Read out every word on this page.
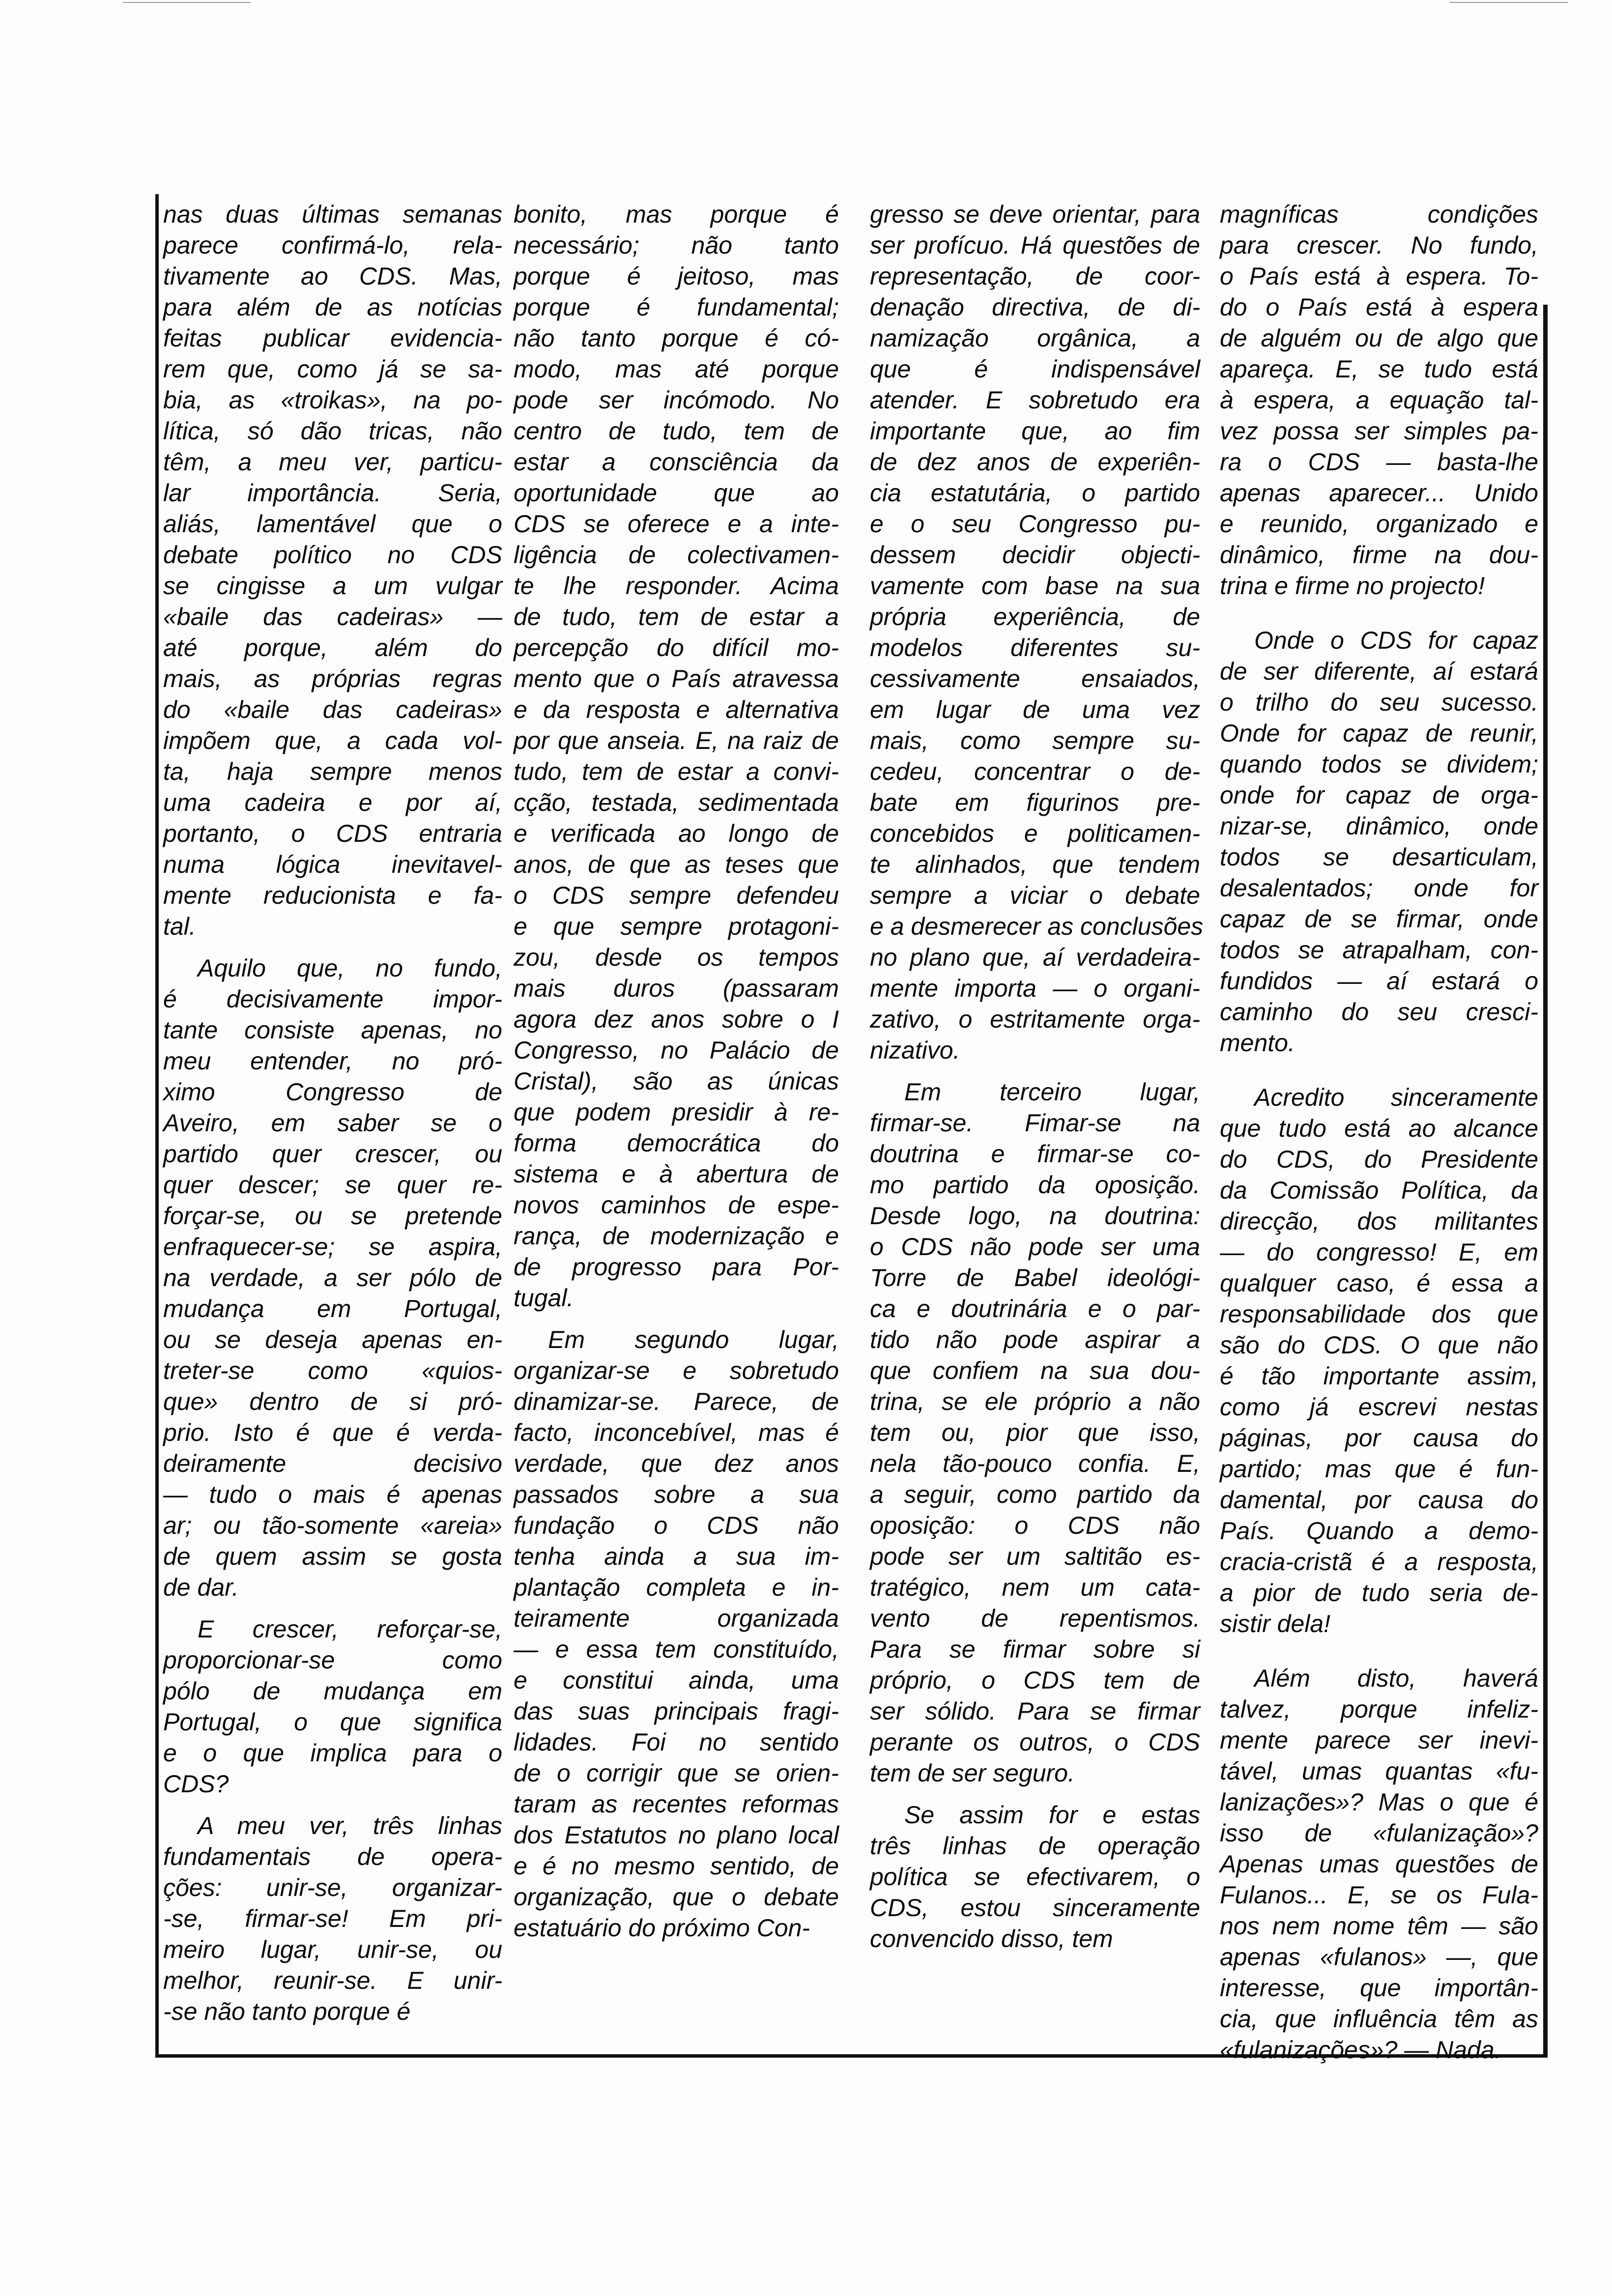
nas duas últimas semanas
parece confirmá-lo, rela-
tivamente ao CDS. Mas,
para além de as notícias
feitas publicar evidencia-
rem que, como já se sa-
bia, as «troikas», na po-
lítica, só dão tricas, não
têm, a meu ver, particu-
lar importância. Seria,
aliás, lamentável que o
debate político no CDS
se cingisse a um vulgar
«baile das cadeiras» —
até porque, além do
mais, as próprias regras
do «baile das cadeiras»
impõem que, a cada vol-
ta, haja sempre menos
uma cadeira e por aí,
portanto, o CDS entraria
numa lógica inevitavel-
mente reducionista e fa-
tal.
Aquilo que, no fundo,
é decisivamente impor-
tante consiste apenas, no
meu entender, no pró-
ximo Congresso de
Aveiro, em saber se o
partido quer crescer, ou
quer descer; se quer re-
forçar-se, ou se pretende
enfraquecer-se; se aspira,
na verdade, a ser pólo de
mudança em Portugal,
ou se deseja apenas en-
treter-se como «quios-
que» dentro de si pró-
prio. Isto é que é verda-
deiramente decisivo
— tudo o mais é apenas
ar; ou tão-somente «areia»
de quem assim se gosta
de dar.
E crescer, reforçar-se,
proporcionar-se como
pólo de mudança em
Portugal, o que significa
e o que implica para o
CDS?
A meu ver, três linhas
fundamentais de opera-
ções: unir-se, organizar-
-se, firmar-se! Em pri-
meiro lugar, unir-se, ou
melhor, reunir-se. E unir-
-se não tanto porque é
bonito, mas porque é
necessário; não tanto
porque é jeitoso, mas
porque é fundamental;
não tanto porque é có-
modo, mas até porque
pode ser incómodo. No
centro de tudo, tem de
estar a consciência da
oportunidade que ao
CDS se oferece e a inte-
ligência de colectivamen-
te lhe responder. Acima
de tudo, tem de estar a
percepção do difícil mo-
mento que o País atravessa
e da resposta e alternativa
por que anseia. E, na raiz de
tudo, tem de estar a convi-
cção, testada, sedimentada
e verificada ao longo de
anos, de que as teses que
o CDS sempre defendeu
e que sempre protagoni-
zou, desde os tempos
mais duros (passaram
agora dez anos sobre o I
Congresso, no Palácio de
Cristal), são as únicas
que podem presidir à re-
forma democrática do
sistema e à abertura de
novos caminhos de espe-
rança, de modernização e
de progresso para Por-
tugal.
Em segundo lugar,
organizar-se e sobretudo
dinamizar-se. Parece, de
facto, inconcebível, mas é
verdade, que dez anos
passados sobre a sua
fundação o CDS não
tenha ainda a sua im-
plantação completa e in-
teiramente organizada
— e essa tem constituído,
e constitui ainda, uma
das suas principais fragi-
lidades. Foi no sentido
de o corrigir que se orien-
taram as recentes reformas
dos Estatutos no plano local
e é no mesmo sentido, de
organização, que o debate
estatuário do próximo Con-
gresso se deve orientar, para
ser profícuo. Há questões de
representação, de coor-
denação directiva, de di-
namização orgânica, a
que é indispensável
atender. E sobretudo era
importante que, ao fim
de dez anos de experiên-
cia estatutária, o partido
e o seu Congresso pu-
dessem decidir objecti-
vamente com base na sua
própria experiência, de
modelos diferentes su-
cessivamente ensaiados,
em lugar de uma vez
mais, como sempre su-
cedeu, concentrar o de-
bate em figurinos pre-
concebidos e politicamen-
te alinhados, que tendem
sempre a viciar o debate
e a desmerecer as conclusões
no plano que, aí verdadeira-
mente importa — o organi-
zativo, o estritamente orga-
nizativo.
Em terceiro lugar,
firmar-se. Fimar-se na
doutrina e firmar-se co-
mo partido da oposição.
Desde logo, na doutrina:
o CDS não pode ser uma
Torre de Babel ideológi-
ca e doutrinária e o par-
tido não pode aspirar a
que confiem na sua dou-
trina, se ele próprio a não
tem ou, pior que isso,
nela tão-pouco confia. E,
a seguir, como partido da
oposição: o CDS não
pode ser um saltitão es-
tratégico, nem um cata-
vento de repentismos.
Para se firmar sobre si
próprio, o CDS tem de
ser sólido. Para se firmar
perante os outros, o CDS
tem de ser seguro.
Se assim for e estas
três linhas de operação
política se efectivarem, o
CDS, estou sinceramente
convencido disso, tem
magníficas condições
para crescer. No fundo,
o País está à espera. To-
do o País está à espera
de alguém ou de algo que
apareça. E, se tudo está
à espera, a equação tal-
vez possa ser simples pa-
ra o CDS — basta-lhe
apenas aparecer... Unido
e reunido, organizado e
dinâmico, firme na dou-
trina e firme no projecto!
Onde o CDS for capaz
de ser diferente, aí estará
o trilho do seu sucesso.
Onde for capaz de reunir,
quando todos se dividem;
onde for capaz de orga-
nizar-se, dinâmico, onde
todos se desarticulam,
desalentados; onde for
capaz de se firmar, onde
todos se atrapalham, con-
fundidos — aí estará o
caminho do seu cresci-
mento.
Acredito sinceramente
que tudo está ao alcance
do CDS, do Presidente
da Comissão Política, da
direcção, dos militantes
— do congresso! E, em
qualquer caso, é essa a
responsabilidade dos que
são do CDS. O que não
é tão importante assim,
como já escrevi nestas
páginas, por causa do
partido; mas que é fun-
damental, por causa do
País. Quando a demo-
cracia-cristã é a resposta,
a pior de tudo seria de-
sistir dela!
Além disto, haverá
talvez, porque infeliz-
mente parece ser inevi-
tável, umas quantas «fu-
lanizações»? Mas o que é
isso de «fulanização»?
Apenas umas questões de
Fulanos... E, se os Fula-
nos nem nome têm — são
apenas «fulanos» —, que
interesse, que importân-
cia, que influência têm as
«fulanizações»? — Nada.
